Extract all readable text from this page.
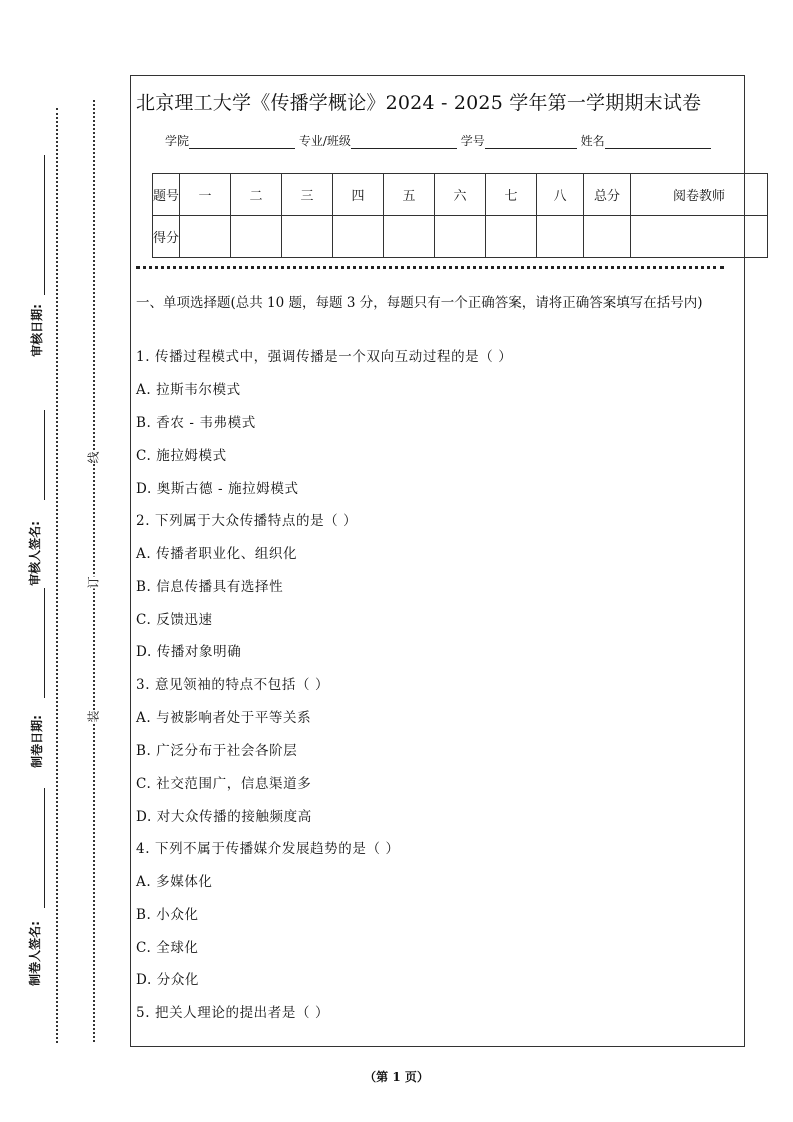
审核日期:
审核人签名:
制卷日期:
制卷人签名:
线
订
装
北京理工大学《传播学概论》2024 - 2025 学年第一学期期末试卷
学院	专业/班级	学号	姓名
题号	一	二	三	四	五	六	七	八	总分	阅卷教师
得分										
一、单项选择题(总共 10 题，每题 3 分，每题只有一个正确答案，请将正确答案填写在括号内)
1. 传播过程模式中，强调传播是一个双向互动过程的是（ ）
A. 拉斯韦尔模式
B. 香农 - 韦弗模式
C. 施拉姆模式
D. 奥斯古德 - 施拉姆模式
2. 下列属于大众传播特点的是（ ）
A. 传播者职业化、组织化
B. 信息传播具有选择性
C. 反馈迅速
D. 传播对象明确
3. 意见领袖的特点不包括（ ）
A. 与被影响者处于平等关系
B. 广泛分布于社会各阶层
C. 社交范围广，信息渠道多
D. 对大众传播的接触频度高
4. 下列不属于传播媒介发展趋势的是（ ）
A. 多媒体化
B. 小众化
C. 全球化
D. 分众化
5. 把关人理论的提出者是（ ）
（第 1 页）
